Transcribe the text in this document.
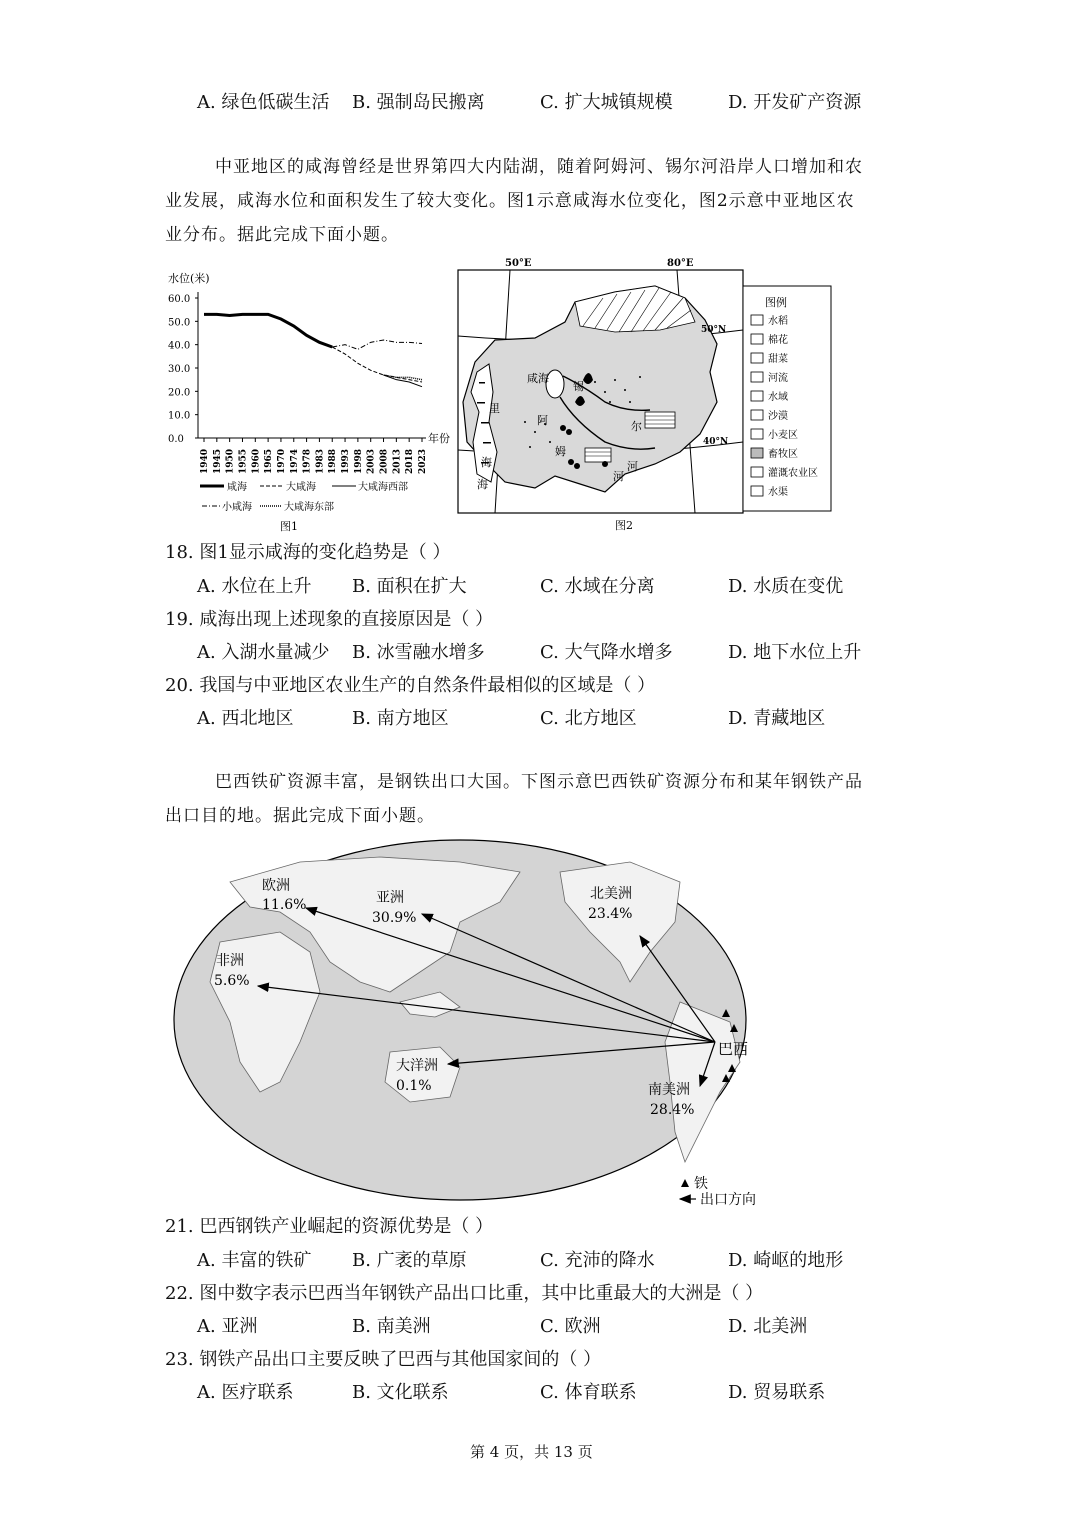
A. 绿色低碳生活 B. 强制岛民搬离	C. 扩大城镇规模	D. 开发矿产资源
中亚地区的咸海曾经是世界第四大内陆湖，随着阿姆河、锡尔河沿岸人口增加和农
业发展，咸海水位和面积发生了较大变化。图1示意咸海水位变化，图2示意中亚地区农
业分布。据此完成下面小题。
水位(米)
60.0
50.0
40.0
30.0
20.0
10.0
0.0	年份
1940 1945 1950 1955 1960 1965 1970 1974 1978 1983 1988 1993 1998 2003 2008 2013 2018 2023
咸海	大咸海	大咸海西部
小咸海	大咸海东部
图1
50°E	80°E
咸海
锡
阿	尔
姆
河
河
里
海
海
50°N
40°N
图例
水稻
棉花
甜菜
河流
水域
沙漠
小麦区
畜牧区
灌溉农业区
水渠
图2
18. 图1显示咸海的变化趋势是（ ）
A. 水位在上升 B. 面积在扩大	C. 水域在分离	D. 水质在变优
19. 咸海出现上述现象的直接原因是（ ）
A. 入湖水量减少 B. 冰雪融水增多	C. 大气降水增多	D. 地下水位上升
20. 我国与中亚地区农业生产的自然条件最相似的区域是（ ）
A. 西北地区	B. 南方地区	C. 北方地区	D. 青藏地区
巴西铁矿资源丰富，是钢铁出口大国。下图示意巴西铁矿资源分布和某年钢铁产品
出口目的地。据此完成下面小题。
欧洲
11.6%	亚洲
30.9%
北美洲
23.4%
非洲
5.6%
大洋洲
0.1%	南美洲
28.4%
巴西
铁
出口方向
21. 巴西钢铁产业崛起的资源优势是（ ）
A. 丰富的铁矿 B. 广袤的草原	C. 充沛的降水	D. 崎岖的地形
22. 图中数字表示巴西当年钢铁产品出口比重，其中比重最大的大洲是（ ）
A. 亚洲	B. 南美洲	C. 欧洲	D. 北美洲
23. 钢铁产品出口主要反映了巴西与其他国家间的（ ）
A. 医疗联系	B. 文化联系	C. 体育联系	D. 贸易联系
第 4 页，共 13 页
